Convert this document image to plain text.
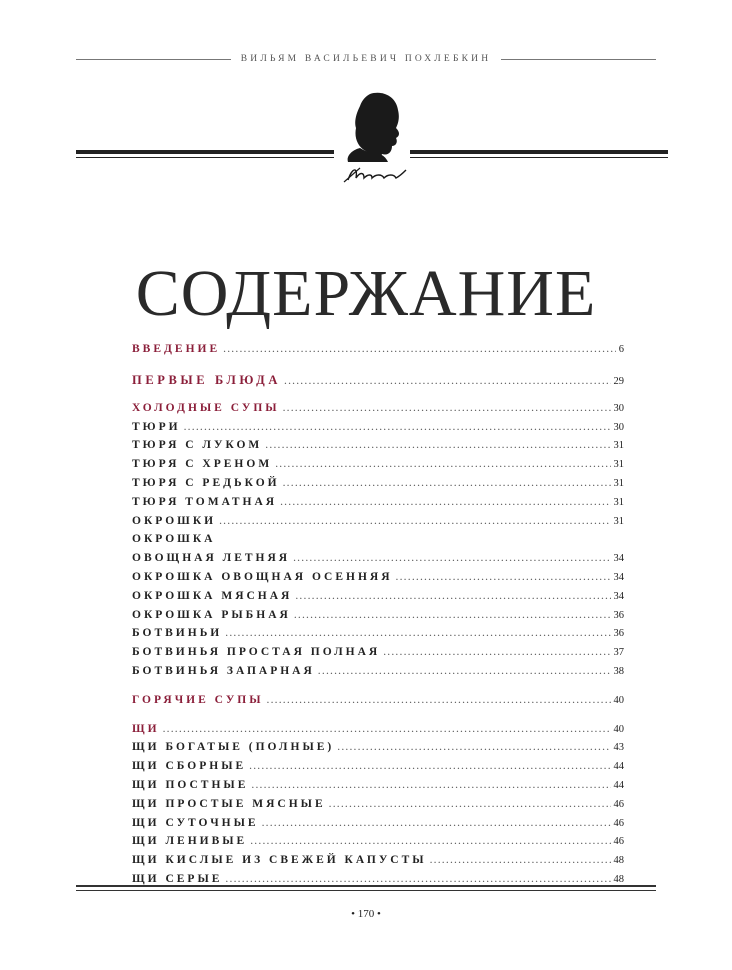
ВИЛЬЯМ ВАСИЛЬЕВИЧ ПОХЛЕБКИН
СОДЕРЖАНИЕ
ВВЕДЕНИЕ .....	6
ПЕРВЫЕ БЛЮДА .....	29
ХОЛОДНЫЕ СУПЫ .....	30
ТЮРИ .....	30
ТЮРЯ С ЛУКОМ .....	31
ТЮРЯ С ХРЕНОМ .....	31
ТЮРЯ С РЕДЬКОЙ .....	31
ТЮРЯ ТОМАТНАЯ .....	31
ОКРОШКИ .....	31
ОКРОШКА
ОВОЩНАЯ ЛЕТНЯЯ .....	34
ОКРОШКА ОВОЩНАЯ ОСЕННЯЯ .....	34
ОКРОШКА МЯСНАЯ .....	34
ОКРОШКА РЫБНАЯ .....	36
БОТВИНЬИ .....	36
БОТВИНЬЯ ПРОСТАЯ ПОЛНАЯ .....	37
БОТВИНЬЯ ЗАПАРНАЯ .....	38
ГОРЯЧИЕ СУПЫ .....	40
ЩИ .....	40
ЩИ БОГАТЫЕ (ПОЛНЫЕ) .....	43
ЩИ СБОРНЫЕ .....	44
ЩИ ПОСТНЫЕ .....	44
ЩИ ПРОСТЫЕ МЯСНЫЕ .....	46
ЩИ СУТОЧНЫЕ .....	46
ЩИ ЛЕНИВЫЕ .....	46
ЩИ КИСЛЫЕ ИЗ СВЕЖЕЙ КАПУСТЫ .....	48
ЩИ СЕРЫЕ .....	48
• 170 •
